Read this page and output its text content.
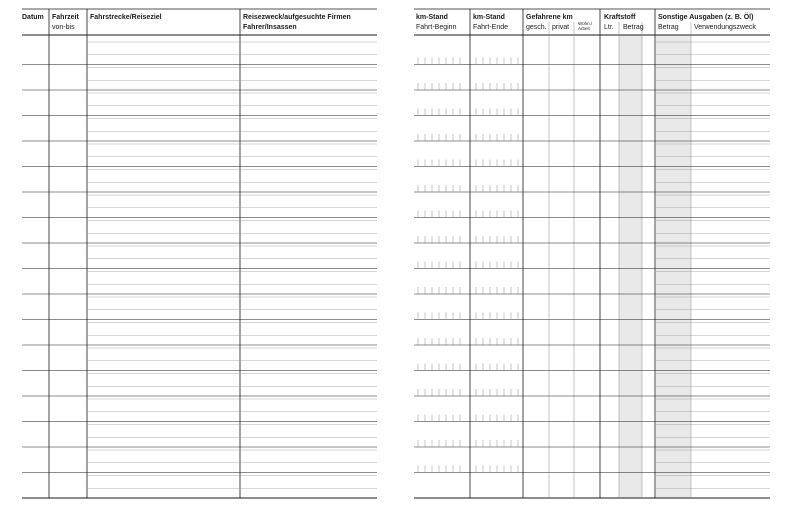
Datum Fahrzeit
von-bis
Fahrstrecke/Reiseziel	Reisezweck/aufgesuchte Firmen
Fahrer/Insassen
km-Stand
Fahrt-Beginn
km-Stand
Fahrt-Ende
Gefahrene km
gesch. privat
Wohn./
Arbeit
Kraftstoff
Ltr. Betrag
Sonstige Ausgaben (z. B. Öl)
Betrag Verwendungszweck
